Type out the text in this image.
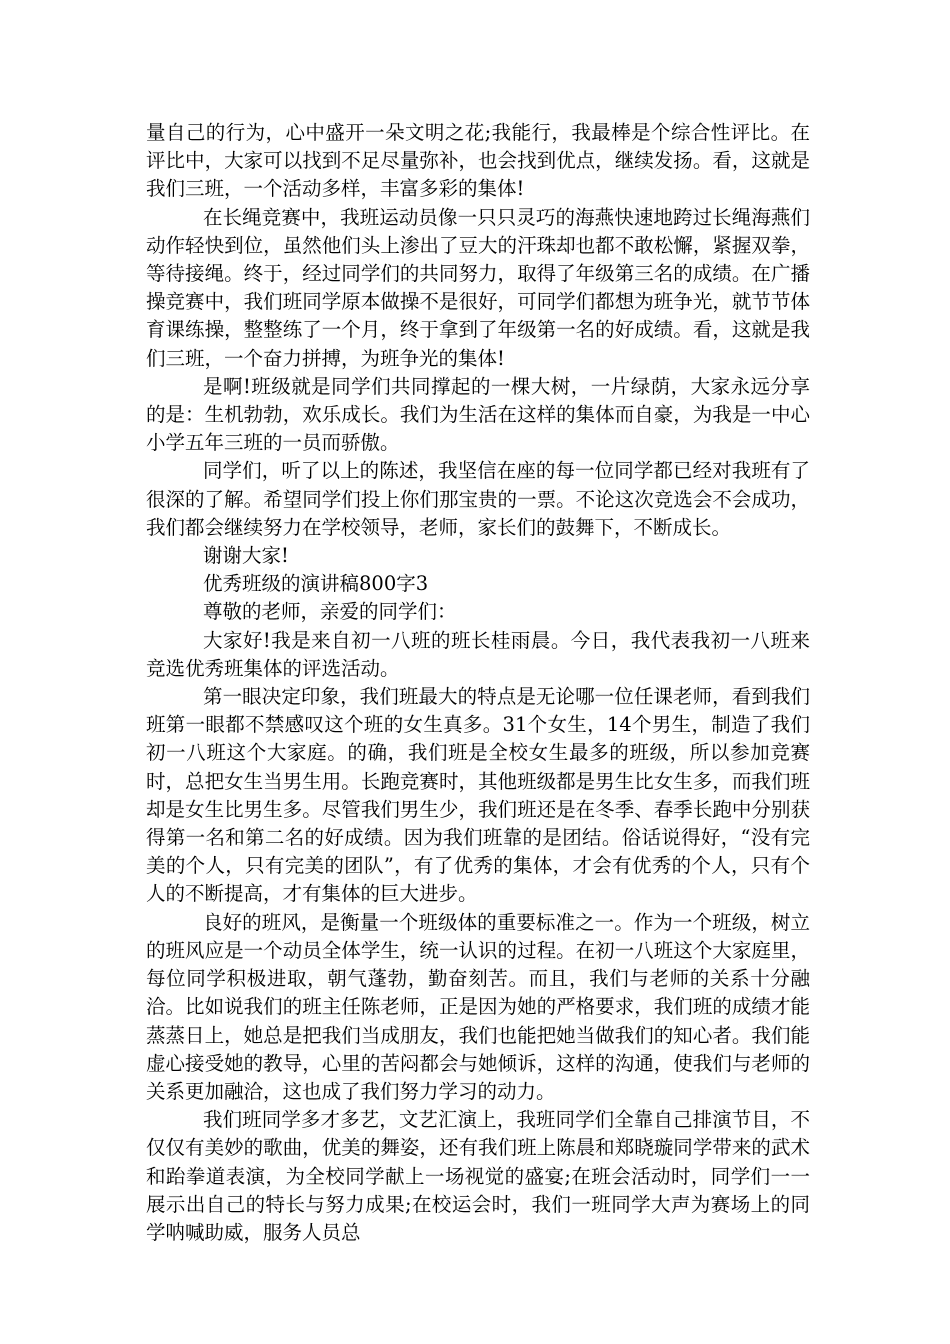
量自己的行为，心中盛开一朵文明之花;我能行，我最棒是个综合性评比。在评比中，大家可以找到不足尽量弥补，也会找到优点，继续发扬。看，这就是我们三班，一个活动多样，丰富多彩的集体!

在长绳竞赛中，我班运动员像一只只灵巧的海燕快速地跨过长绳海燕们动作轻快到位，虽然他们头上渗出了豆大的汗珠却也都不敢松懈，紧握双拳，等待接绳。终于，经过同学们的共同努力，取得了年级第三名的成绩。在广播操竞赛中，我们班同学原本做操不是很好，可同学们都想为班争光，就节节体育课练操，整整练了一个月，终于拿到了年级第一名的好成绩。看，这就是我们三班，一个奋力拼搏，为班争光的集体!

是啊!班级就是同学们共同撑起的一棵大树，一片绿荫，大家永远分享的是：生机勃勃，欢乐成长。我们为生活在这样的集体而自豪，为我是一中心小学五年三班的一员而骄傲。

同学们，听了以上的陈述，我坚信在座的每一位同学都已经对我班有了很深的了解。希望同学们投上你们那宝贵的一票。不论这次竞选会不会成功，我们都会继续努力在学校领导，老师，家长们的鼓舞下，不断成长。

谢谢大家!

优秀班级的演讲稿800字3

尊敬的老师，亲爱的同学们：

大家好!我是来自初一八班的班长桂雨晨。今日，我代表我初一八班来竞选优秀班集体的评选活动。

第一眼决定印象，我们班最大的特点是无论哪一位任课老师，看到我们班第一眼都不禁感叹这个班的女生真多。31个女生，14个男生，制造了我们初一八班这个大家庭。的确，我们班是全校女生最多的班级，所以参加竞赛时，总把女生当男生用。长跑竞赛时，其他班级都是男生比女生多，而我们班却是女生比男生多。尽管我们男生少，我们班还是在冬季、春季长跑中分别获得第一名和第二名的好成绩。因为我们班靠的是团结。俗话说得好，“没有完美的个人，只有完美的团队”，有了优秀的集体，才会有优秀的个人，只有个人的不断提高，才有集体的巨大进步。

良好的班风，是衡量一个班级体的重要标准之一。作为一个班级，树立的班风应是一个动员全体学生，统一认识的过程。在初一八班这个大家庭里，每位同学积极进取，朝气蓬勃，勤奋刻苦。而且，我们与老师的关系十分融洽。比如说我们的班主任陈老师，正是因为她的严格要求，我们班的成绩才能蒸蒸日上，她总是把我们当成朋友，我们也能把她当做我们的知心者。我们能虚心接受她的教导，心里的苦闷都会与她倾诉，这样的沟通，使我们与老师的关系更加融洽，这也成了我们努力学习的动力。

我们班同学多才多艺，文艺汇演上，我班同学们全靠自己排演节目，不仅仅有美妙的歌曲，优美的舞姿，还有我们班上陈晨和郑晓璇同学带来的武术和跆拳道表演，为全校同学献上一场视觉的盛宴;在班会活动时，同学们一一展示出自己的特长与努力成果;在校运会时，我们一班同学大声为赛场上的同学呐喊助威，服务人员总
